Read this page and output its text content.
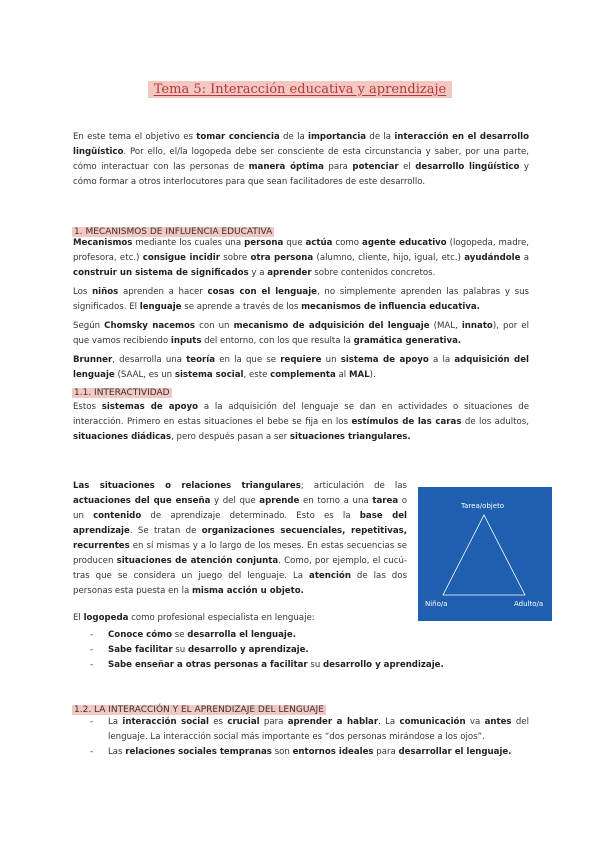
Tema 5: Interacción educativa y aprendizaje
En este tema el objetivo es tomar conciencia de la importancia de la interacción en el desarrollo lingüístico. Por ello, el/la logopeda debe ser consciente de esta circunstancia y saber, por una parte, cómo interactuar con las personas de manera óptima para potenciar el desarrollo lingüístico y cómo formar a otros interlocutores para que sean facilitadores de este desarrollo.
1. MECANISMOS DE INFLUENCIA EDUCATIVA

Mecanismos mediante los cuales una persona que actúa como agente educativo (logopeda, madre, profesora, etc.) consigue incidir sobre otra persona (alumno, cliente, hijo, igual, etc.) ayudándole a construir un sistema de significados y a aprender sobre contenidos concretos.

Los niños aprenden a hacer cosas con el lenguaje, no simplemente aprenden las palabras y sus significados. El lenguaje se aprende a través de los mecanismos de influencia educativa.

Según Chomsky nacemos con un mecanismo de adquisición del lenguaje (MAL, innato), por el que vamos recibiendo inputs del entorno, con los que resulta la gramática generativa.

Brunner, desarrolla una teoría en la que se requiere un sistema de apoyo a la adquisición del lenguaje (SAAL, es un sistema social, este complementa al MAL).

1.1. INTERACTIVIDAD
Estos sistemas de apoyo a la adquisición del lenguaje se dan en actividades o situaciones de interacción. Primero en estas situaciones el bebe se fija en los estímulos de las caras de los adultos, situaciones diádicas, pero después pasan a ser situaciones triangulares.
Las situaciones o relaciones triangulares; articulación de las actuaciones del que enseña y del que aprende en torno a una tarea o un contenido de aprendizaje determinado. Esto es la base del aprendizaje. Se tratan de organizaciones secuenciales, repetitivas, recurrentes en sí mismas y a lo largo de los meses. En estas secuencias se producen situaciones de atención conjunta. Como, por ejemplo, el cucú-tras que se considera un juego del lenguaje. La atención de las dos personas esta puesta en la misma acción u objeto.
Tarea/objeto
Niño/a	Adulto/a
El logopeda como profesional especialista en lenguaje:
- Conoce cómo se desarrolla el lenguaje.
- Sabe facilitar su desarrollo y aprendizaje.
- Sabe enseñar a otras personas a facilitar su desarrollo y aprendizaje.
1.2. LA INTERACCIÓN Y EL APRENDIZAJE DEL LENGUAJE
- La interacción social es crucial para aprender a hablar. La comunicación va antes del lenguaje. La interacción social más importante es “dos personas mirándose a los ojos”.
- Las relaciones sociales tempranas son entornos ideales para desarrollar el lenguaje.
